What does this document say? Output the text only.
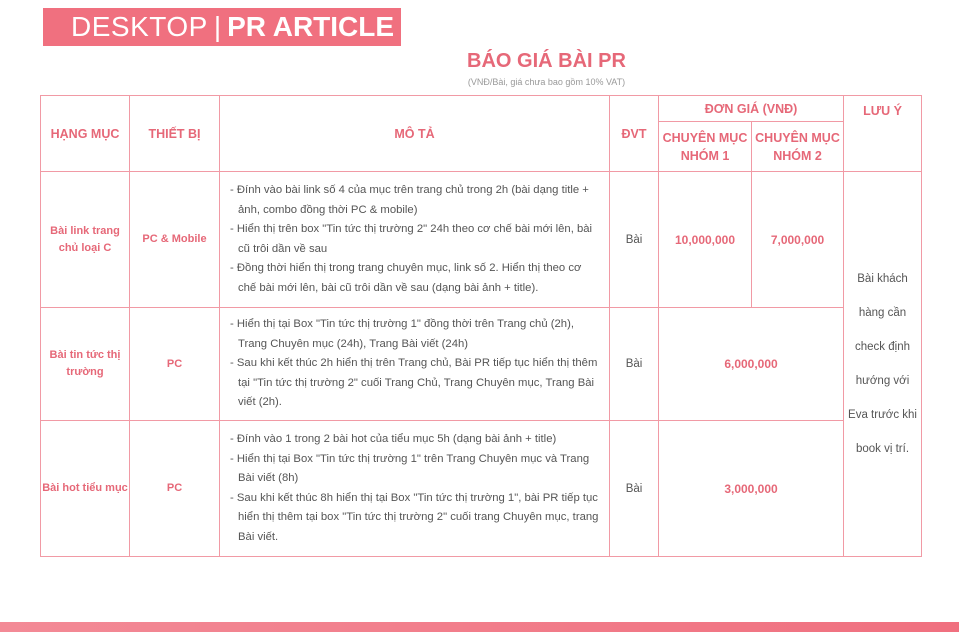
DESKTOP | PR ARTICLE
BÁO GIÁ BÀI PR
(VNĐ/Bài, giá chưa bao gồm 10% VAT)
HẠNG MỤC	THIẾT BỊ	MÔ TẢ	ĐVT	ĐƠN GIÁ (VNĐ)		LƯU Ý
				CHUYÊN MỤC NHÓM 1	CHUYÊN MỤC NHÓM 2	
Bài link trang chủ loại C	PC & Mobile	- Đính vào bài link số 4 của mục trên trang chủ trong 2h (bài dạng title + ảnh, combo đồng thời PC & mobile)
- Hiển thị trên box "Tin tức thị trường 2" 24h theo cơ chế bài mới lên, bài cũ trôi dần về sau
- Đồng thời hiển thị trong trang chuyên mục, link số 2. Hiển thị theo cơ chế bài mới lên, bài cũ trôi dần về sau (dạng bài ảnh + title).	Bài	10,000,000	7,000,000	Bài khách hàng cần check định hướng với Eva trước khi book vị trí.
Bài tin tức thị trường	PC	- Hiển thị tại Box "Tin tức thị trường 1" đồng thời trên Trang chủ (2h), Trang Chuyên mục (24h), Trang Bài viết (24h)
- Sau khi kết thúc 2h hiển thị trên Trang chủ, Bài PR tiếp tục hiển thị thêm tại "Tin tức thị trường 2" cuối Trang Chủ, Trang Chuyên mục, Trang Bài viết (2h).	Bài	6,000,000		
Bài hot tiểu mục	PC	- Đính vào 1 trong 2 bài hot của tiểu mục 5h (dạng bài ảnh + title)
- Hiển thị tại Box "Tin tức thị trường 1" trên Trang Chuyên mục và Trang Bài viết (8h)
- Sau khi kết thúc 8h hiển thị tại Box "Tin tức thị trường 1", bài PR tiếp tục hiển thị thêm tại box "Tin tức thị trường 2" cuối trang Chuyên mục, trang Bài viết.	Bài	3,000,000		
